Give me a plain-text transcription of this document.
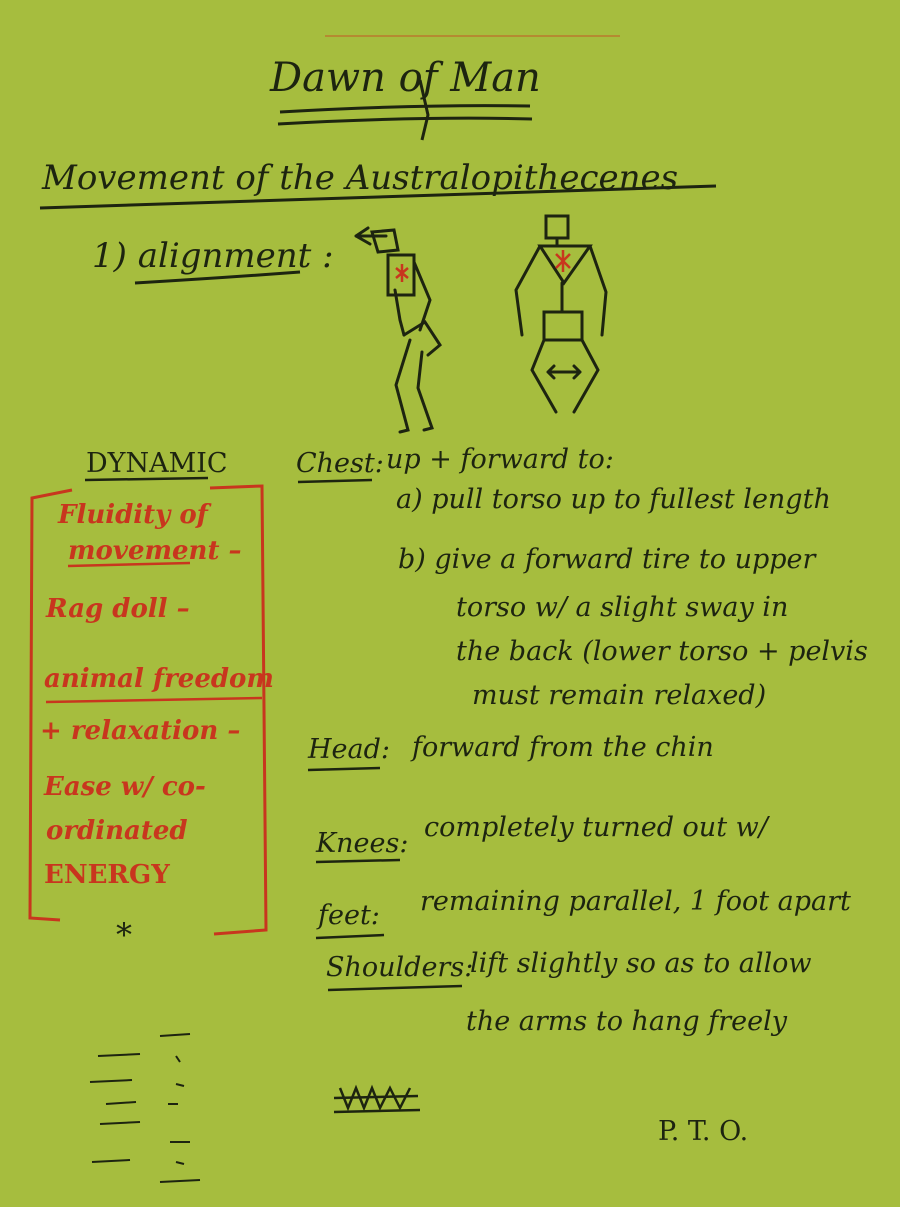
Dawn of Man
Movement of the Australopithecenes
1) alignment :
DYNAMIC
Fluidity of
movement –
Rag doll –
animal freedom
+ relaxation –
Ease w/ co-
ordinated
ENERGY
*
Chest: up + forward to:
a) pull torso up to fullest length
b) give a forward tire to upper
torso w/ a slight sway in
the back (lower torso + pelvis
must remain relaxed)
Head: forward from the chin
Knees:
completely turned out w/
feet: remaining parallel, 1 foot apart
Shoulders:
lift slightly so as to allow
the arms to hang freely
P. T. O.
